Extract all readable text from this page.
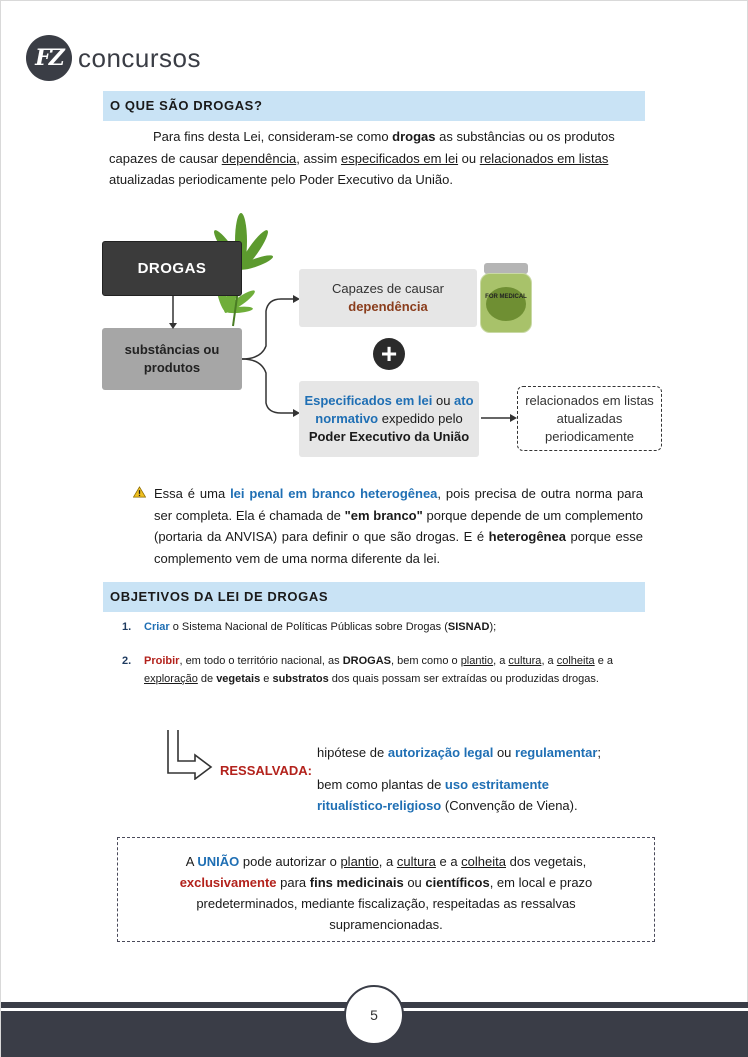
FZ concursos
O QUE SÃO DROGAS?
Para fins desta Lei, consideram-se como drogas as substâncias ou os produtos capazes de causar dependência, assim especificados em lei ou relacionados em listas atualizadas periodicamente pelo Poder Executivo da União.
DROGAS
substâncias ou produtos
Capazes de causar
dependência
FOR MEDICAL
+
Especificados em lei ou ato normativo expedido pelo Poder Executivo da União
relacionados em listas atualizadas periodicamente
Essa é uma lei penal em branco heterogênea, pois precisa de outra norma para ser completa. Ela é chamada de "em branco" porque depende de um complemento (portaria da ANVISA) para definir o que são drogas. E é heterogênea porque esse complemento vem de uma norma diferente da lei.
OBJETIVOS DA LEI DE DROGAS
1. Criar o Sistema Nacional de Políticas Públicas sobre Drogas (SISNAD);
2. Proibir, em todo o território nacional, as DROGAS, bem como o plantio, a cultura, a colheita e a exploração de vegetais e substratos dos quais possam ser extraídas ou produzidas drogas.
RESSALVADA:
hipótese de autorização legal ou regulamentar;
bem como plantas de uso estritamente ritualístico-religioso (Convenção de Viena).
A UNIÃO pode autorizar o plantio, a cultura e a colheita dos vegetais, exclusivamente para fins medicinais ou científicos, em local e prazo predeterminados, mediante fiscalização, respeitadas as ressalvas supramencionadas.
5
